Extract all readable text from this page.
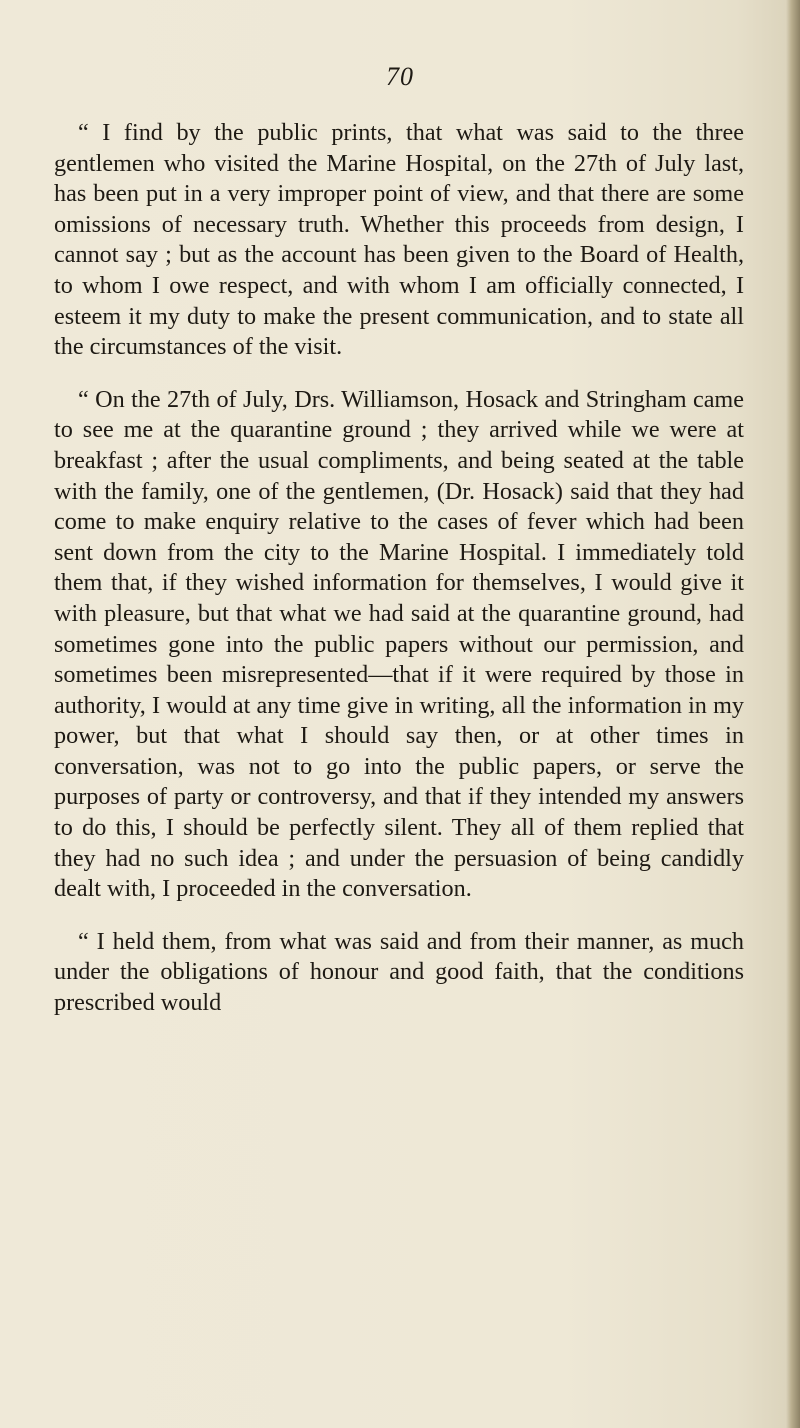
70

“ I find by the public prints, that what was said to the three gentlemen who visited the Marine Hospital, on the 27th of July last, has been put in a very improper point of view, and that there are some omissions of necessary truth. Whether this proceeds from design, I cannot say ; but as the account has been given to the Board of Health, to whom I owe respect, and with whom I am officially connected, I esteem it my duty to make the present communication, and to state all the circumstances of the visit.

“ On the 27th of July, Drs. Williamson, Hosack and Stringham came to see me at the quarantine ground ; they arrived while we were at breakfast ; after the usual compliments, and being seated at the table with the family, one of the gentlemen, (Dr. Hosack) said that they had come to make enquiry relative to the cases of fever which had been sent down from the city to the Marine Hospital. I immediately told them that, if they wished information for themselves, I would give it with pleasure, but that what we had said at the quarantine ground, had sometimes gone into the public papers without our permission, and sometimes been misrepresented—that if it were required by those in authority, I would at any time give in writing, all the information in my power, but that what I should say then, or at other times in conversation, was not to go into the public papers, or serve the purposes of party or controversy, and that if they intended my answers to do this, I should be perfectly silent. They all of them replied that they had no such idea ; and under the persuasion of being candidly dealt with, I proceeded in the conversation.

“ I held them, from what was said and from their manner, as much under the obligations of honour and good faith, that the conditions prescribed would
